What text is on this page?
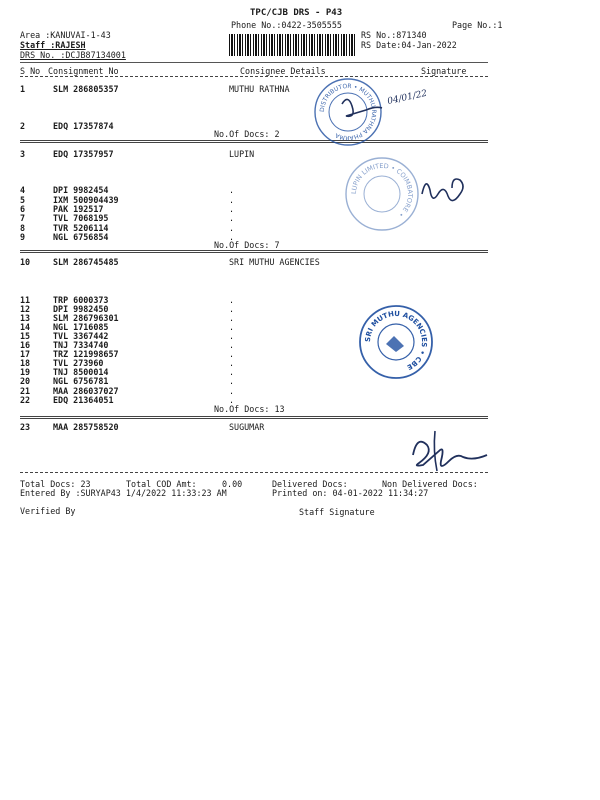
TPC/CJB DRS - P43
Phone No.:0422-3505555	Page No.:1
Area :KANUVAI-1-43
Staff :RAJESH
DRS No. :DCJB87134001
RS No.:871340
RS Date:04-Jan-2022
S No Consignment No	Consignee Details	Signature
1	SLM 286805357	MUTHU RATHNA
2	EDQ 17357874
No.Of Docs: 2
3	EDQ 17357957	LUPIN
4	DPI 9982454	.
5	IXM 500904439	.
6	PAK 192517	.
7	TVL 7068195	.
8	TVR 5206114	.
9	NGL 6756854	.
No.Of Docs: 7
10	SLM 286745485	SRI MUTHU AGENCIES
11	TRP 6000373	.
12	DPI 9982450	.
13	SLM 286796301	.
14	NGL 1716085	.
15	TVL 3367442	.
16	TNJ 7334740	.
17	TRZ 121998657	.
18	TVL 273960	.
19	TNJ 8500014	.
20	NGL 6756781	.
21	MAA 286037027	.
22	EDQ 21364051	.
No.Of Docs: 13
23	MAA 285758520	SUGUMAR
Total Docs: 23	Total COD Amt:	0.00	Delivered Docs:	Non Delivered Docs:
Entered By :SURYAP43 1/4/2022 11:33:23 AM	Printed on: 04-01-2022 11:34:27
Verified By	Staff Signature
DISTRIBUTOR • MUTHU RATHNA PHARMA
04/01/22
LUPIN LIMITED • COIMBATORE •
SRI MUTHU AGENCIES • CBE
